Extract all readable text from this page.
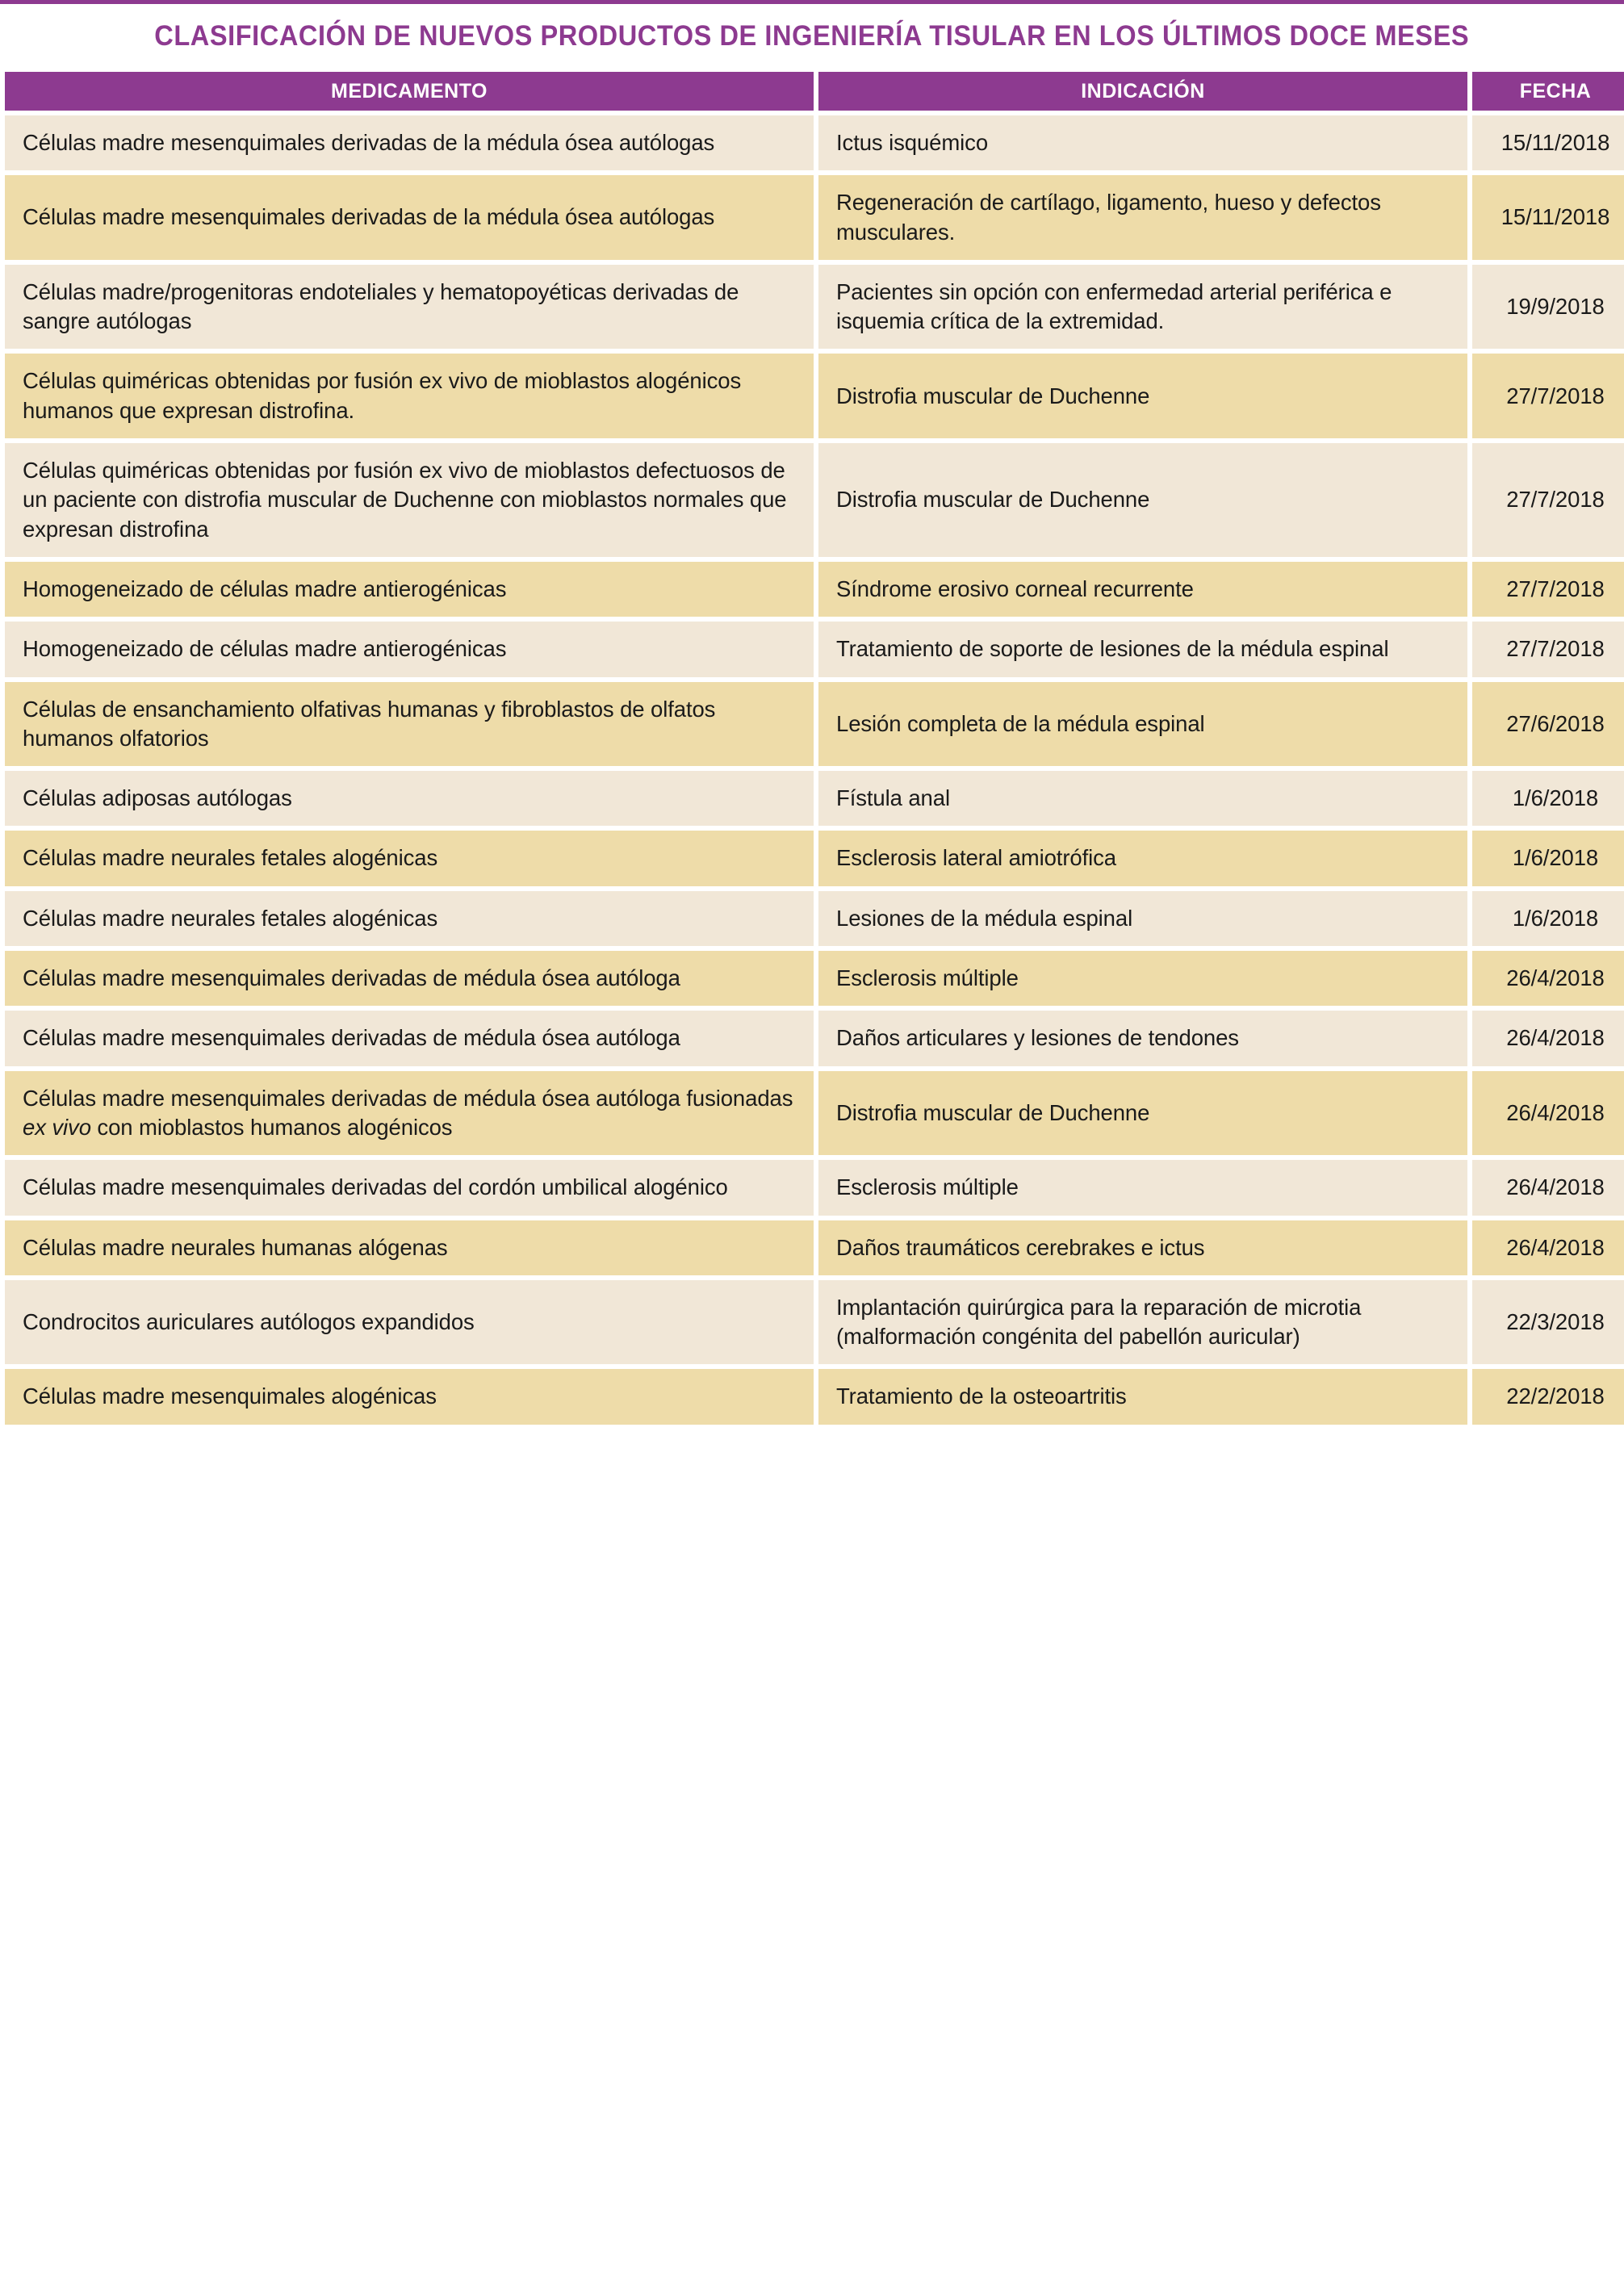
CLASIFICACIÓN DE NUEVOS PRODUCTOS DE INGENIERÍA TISULAR EN LOS ÚLTIMOS DOCE MESES
MEDICAMENTO	INDICACIÓN	FECHA

Células madre mesenquimales derivadas de la médula ósea autólogas	Ictus isquémico	15/11/2018

Células madre mesenquimales derivadas de la médula ósea autólogas	Regeneración de cartílago, ligamento, hueso y defectos musculares.	15/11/2018

Células madre/progenitoras endoteliales y hematopoyéticas derivadas de sangre autólogas	Pacientes sin opción con enfermedad arterial periférica e isquemia crítica de la extremidad.	19/9/2018

Células quiméricas obtenidas por fusión ex vivo de mioblastos alogénicos humanos que expresan distrofina.	Distrofia muscular de Duchenne	27/7/2018

Células quiméricas obtenidas por fusión ex vivo de mioblastos defectuosos de un paciente con distrofia muscular de Duchenne con mioblastos normales que expresan distrofina	Distrofia muscular de Duchenne	27/7/2018

Homogeneizado de células madre antierogénicas	Síndrome erosivo corneal recurrente	27/7/2018

Homogeneizado de células madre antierogénicas	Tratamiento de soporte de lesiones de la médula espinal	27/7/2018

Células de ensanchamiento olfativas humanas y fibroblastos de olfatos humanos olfatorios	Lesión completa de la médula espinal	27/6/2018

Células adiposas autólogas	Fístula anal	1/6/2018

Células madre neurales fetales alogénicas	Esclerosis lateral amiotrófica	1/6/2018

Células madre neurales fetales alogénicas	Lesiones de la médula espinal	1/6/2018

Células madre mesenquimales derivadas de médula ósea autóloga	Esclerosis múltiple	26/4/2018

Células madre mesenquimales derivadas de médula ósea autóloga	Daños articulares y lesiones de tendones	26/4/2018

Células madre mesenquimales derivadas de médula ósea autóloga fusionadas ex vivo con mioblastos humanos alogénicos	Distrofia muscular de Duchenne	26/4/2018

Células madre mesenquimales derivadas del cordón umbilical alogénico	Esclerosis múltiple	26/4/2018

Células madre neurales humanas alógenas	Daños traumáticos cerebrakes e ictus	26/4/2018

Condrocitos auriculares autólogos expandidos	Implantación quirúrgica para la reparación de microtia (malformación congénita del pabellón auricular)	22/3/2018

Células madre mesenquimales alogénicas	Tratamiento de la osteoartritis	22/2/2018
